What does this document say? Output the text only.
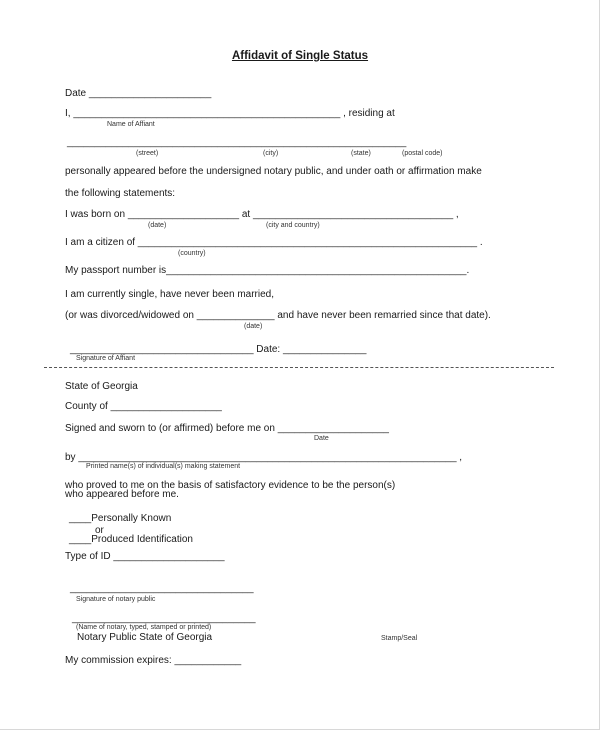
Affidavit of Single Status
Date ______________________
I, ________________________________________________ , residing at
_____________________________________________________________
personally appeared before the undersigned notary public, and under oath or affirmation make
the following statements:
I was born on ____________________ at ____________________________________ ,
I am a citizen of _____________________________________________________________ .
My passport number is______________________________________________________.
I am currently single, have never been married,
(or was divorced/widowed on ______________ and have never been remarried since that date).
_________________________________ Date: _______________
State of Georgia
County of ____________________
Signed and sworn to (or affirmed) before me on ____________________
by ____________________________________________________________________ ,
who proved to me on the basis of satisfactory evidence to be the person(s)
who appeared before me.
____Personally Known
or
____Produced Identification
Type of ID ____________________
_________________________________
_________________________________
Notary Public State of Georgia
My commission expires: ____________
Name of Affiant
(street)	(city)	(state)	(postal code)
(date)	(city and country)
(country)
(date)
Signature of Affiant
Date
Printed name(s) of individual(s) making statement
Signature of notary public
(Name of notary, typed, stamped or printed)
Stamp/Seal
